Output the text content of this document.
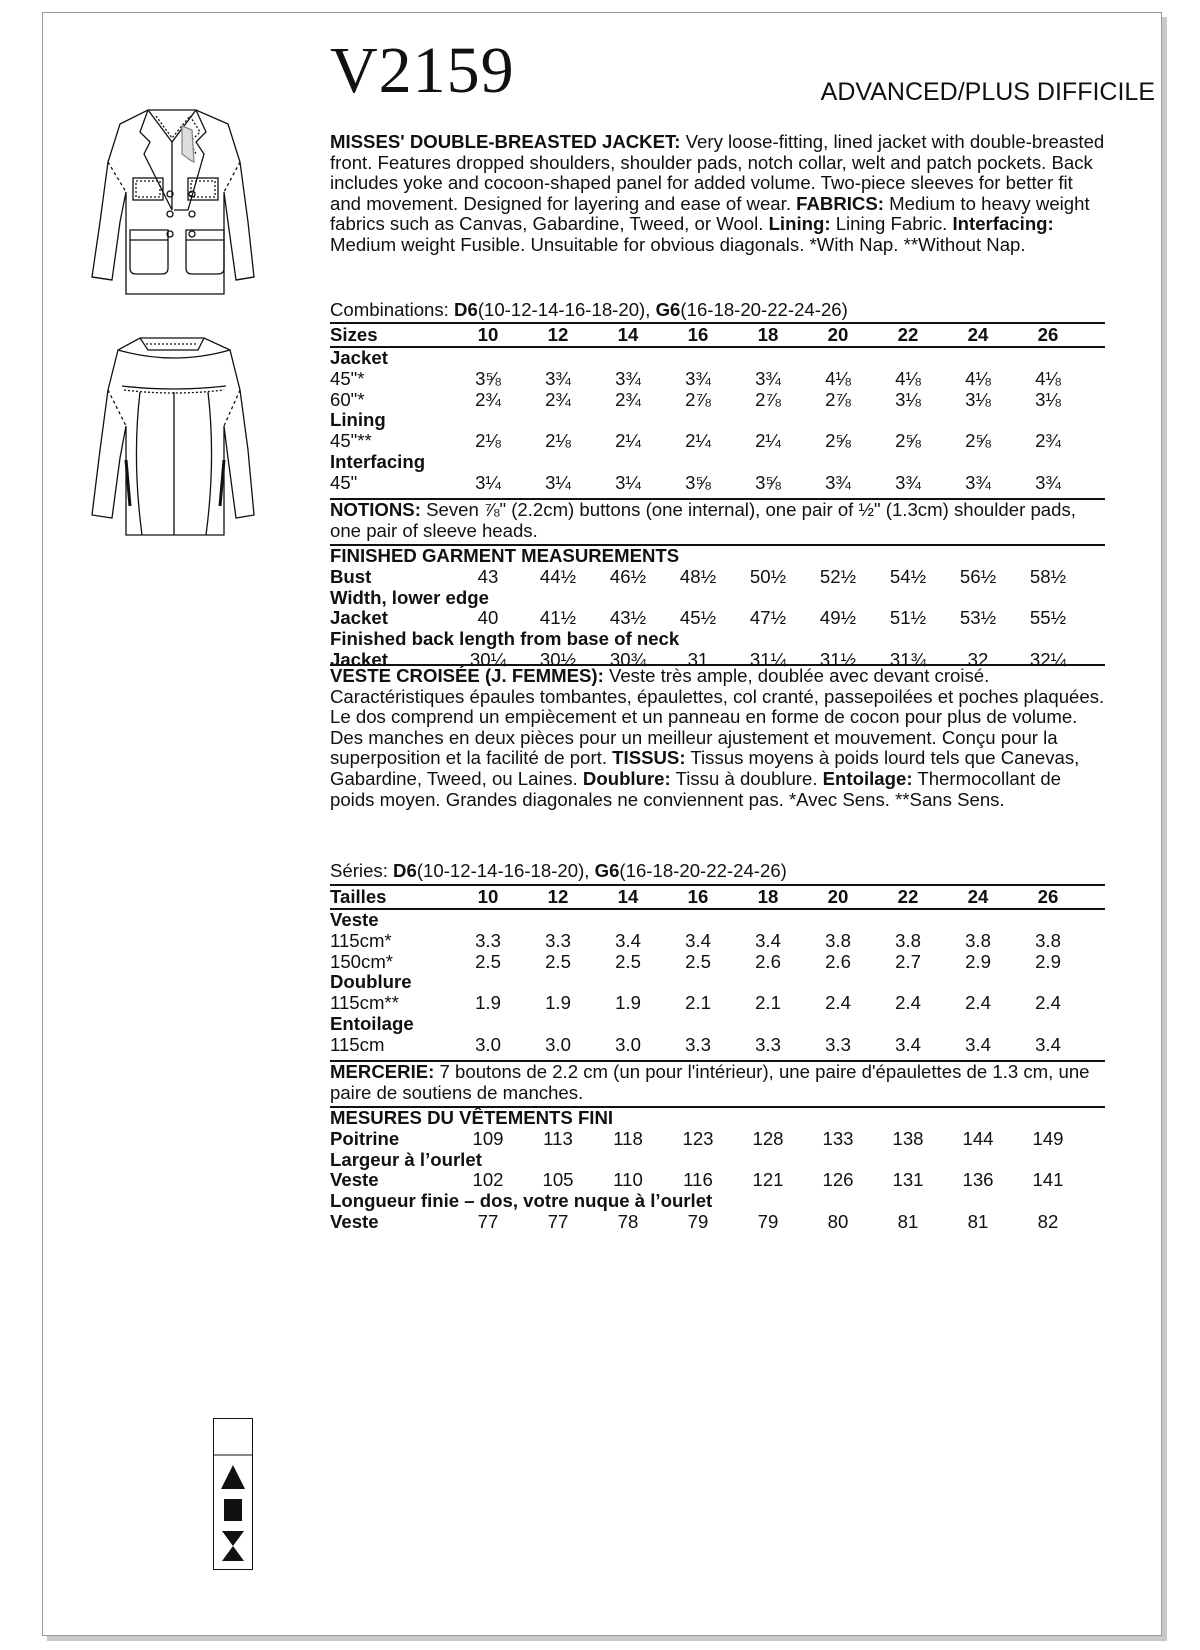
V2159	ADVANCED/PLUS DIFFICILE
MISSES' DOUBLE-BREASTED JACKET: Very loose-fitting, lined jacket with double-breasted front. Features dropped shoulders, shoulder pads, notch collar, welt and patch pockets. Back includes yoke and cocoon-shaped panel for added volume. Two-piece sleeves for better fit and movement. Designed for layering and ease of wear. FABRICS: Medium to heavy weight fabrics such as Canvas, Gabardine, Tweed, or Wool. Lining: Lining Fabric. Interfacing: Medium weight Fusible. Unsuitable for obvious diagonals. *With Nap. **Without Nap.
Combinations: D6(10-12-14-16-18-20), G6(16-18-20-22-24-26)
Sizes	10	12	14	16	18	20	22	24	26
Jacket
45"*	3⅝	3¾	3¾	3¾	3¾	4⅛	4⅛	4⅛	4⅛
60"*	2¾	2¾	2¾	2⅞	2⅞	2⅞	3⅛	3⅛	3⅛
Lining
45"**	2⅛	2⅛	2¼	2¼	2¼	2⅝	2⅝	2⅝	2¾
Interfacing
45"	3¼	3¼	3¼	3⅝	3⅝	3¾	3¾	3¾	3¾
NOTIONS: Seven ⅞" (2.2cm) buttons (one internal), one pair of ½" (1.3cm) shoulder pads, one pair of sleeve heads.
FINISHED GARMENT MEASUREMENTS
Bust	43	44½	46½	48½	50½	52½	54½	56½	58½
Width, lower edge
Jacket	40	41½	43½	45½	47½	49½	51½	53½	55½
Finished back length from base of neck
Jacket	30¼	30½	30¾	31	31¼	31½	31¾	32	32¼
VESTE CROISÉE (J. FEMMES): Veste très ample, doublée avec devant croisé. Caractéristiques épaules tombantes, épaulettes, col cranté, passepoilées et poches plaquées. Le dos comprend un empiècement et un panneau en forme de cocon pour plus de volume. Des manches en deux pièces pour un meilleur ajustement et mouvement. Conçu pour la superposition et la facilité de port. TISSUS: Tissus moyens à poids lourd tels que Canevas, Gabardine, Tweed, ou Laines. Doublure: Tissu à doublure. Entoilage: Thermocollant de poids moyen. Grandes diagonales ne conviennent pas. *Avec Sens. **Sans Sens.
Séries: D6(10-12-14-16-18-20), G6(16-18-20-22-24-26)
Tailles	10	12	14	16	18	20	22	24	26
Veste
115cm*	3.3	3.3	3.4	3.4	3.4	3.8	3.8	3.8	3.8
150cm*	2.5	2.5	2.5	2.5	2.6	2.6	2.7	2.9	2.9
Doublure
115cm**	1.9	1.9	1.9	2.1	2.1	2.4	2.4	2.4	2.4
Entoilage
115cm	3.0	3.0	3.0	3.3	3.3	3.3	3.4	3.4	3.4
MERCERIE: 7 boutons de 2.2 cm (un pour l'intérieur), une paire d'épaulettes de 1.3 cm, une paire de soutiens de manches.
MESURES DU VÊTEMENTS FINI
Poitrine	109	113	118	123	128	133	138	144	149
Largeur à l’ourlet
Veste	102	105	110	116	121	126	131	136	141
Longueur finie – dos, votre nuque à l’ourlet
Veste	77	77	78	79	79	80	81	81	82
